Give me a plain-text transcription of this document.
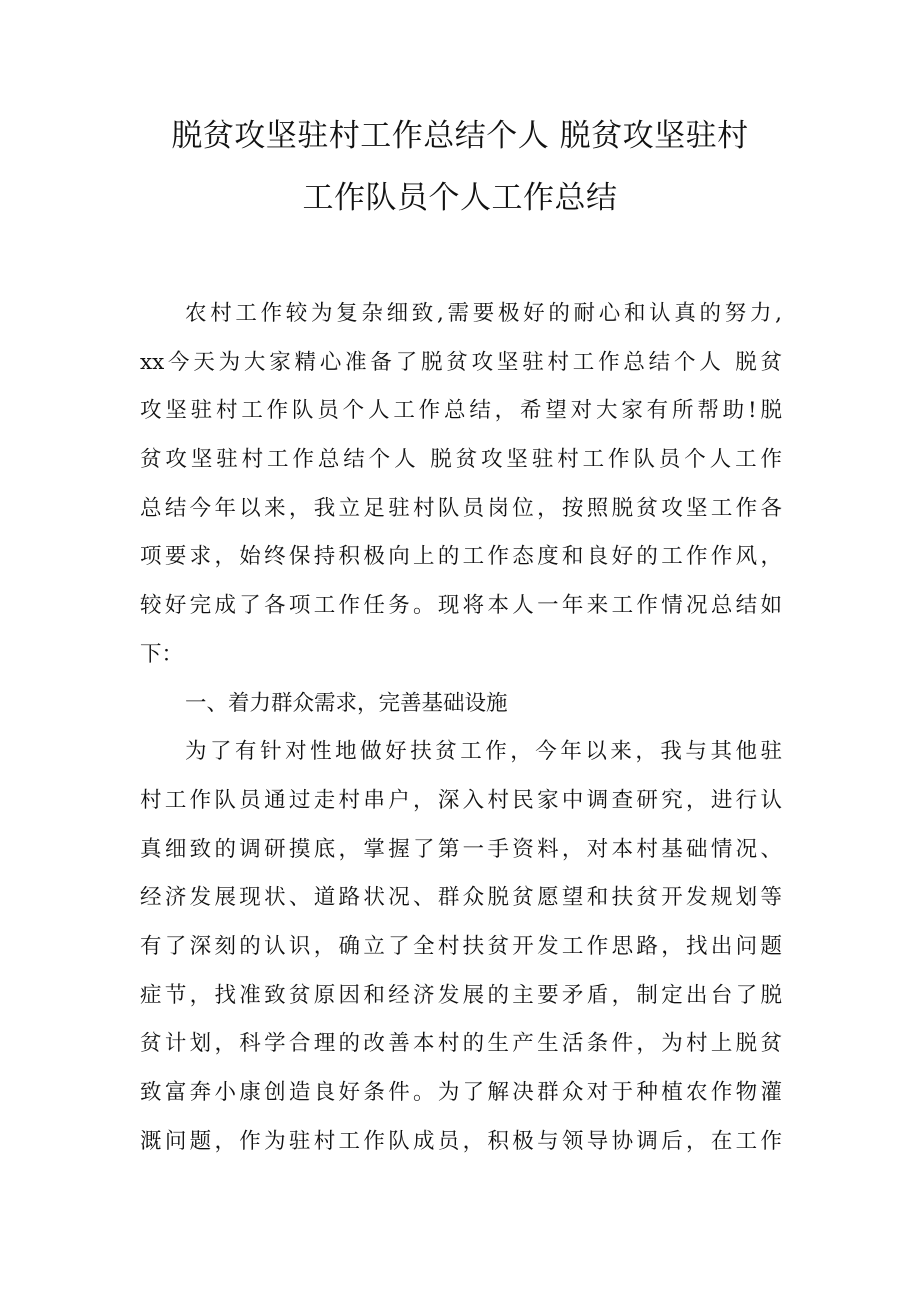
脱贫攻坚驻村工作总结个人 脱贫攻坚驻村
工作队员个人工作总结
农村工作较为复杂细致,需要极好的耐心和认真的努力,
xx今天为大家精心准备了脱贫攻坚驻村工作总结个人 脱贫
攻坚驻村工作队员个人工作总结，希望对大家有所帮助!脱
贫攻坚驻村工作总结个人 脱贫攻坚驻村工作队员个人工作
总结今年以来，我立足驻村队员岗位，按照脱贫攻坚工作各
项要求，始终保持积极向上的工作态度和良好的工作作风，
较好完成了各项工作任务。现将本人一年来工作情况总结如
下：
一、着力群众需求，完善基础设施
为了有针对性地做好扶贫工作，今年以来，我与其他驻
村工作队员通过走村串户，深入村民家中调查研究，进行认
真细致的调研摸底，掌握了第一手资料，对本村基础情况、
经济发展现状、道路状况、群众脱贫愿望和扶贫开发规划等
有了深刻的认识，确立了全村扶贫开发工作思路，找出问题
症节，找准致贫原因和经济发展的主要矛盾，制定出台了脱
贫计划，科学合理的改善本村的生产生活条件，为村上脱贫
致富奔小康创造良好条件。为了解决群众对于种植农作物灌
溉问题，作为驻村工作队成员，积极与领导协调后，在工作
